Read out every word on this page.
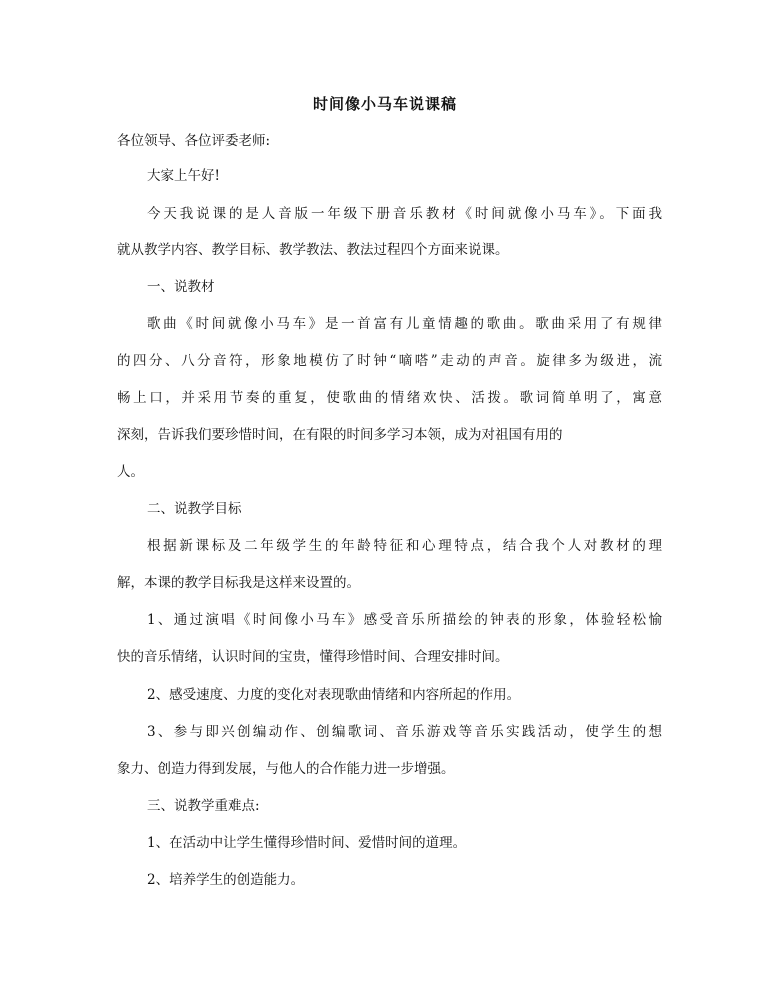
时间像小马车说课稿
各位领导、各位评委老师:
大家上午好!
今天我说课的是人音版一年级下册音乐教材《时间就像小马车》。下面我
就从教学内容、教学目标、教学教法、教法过程四个方面来说课。
一、说教材
歌曲《时间就像小马车》是一首富有儿童情趣的歌曲。歌曲采用了有规律
的四分、八分音符，形象地模仿了时钟“嘀嗒”走动的声音。旋律多为级进，流
畅上口，并采用节奏的重复，使歌曲的情绪欢快、活拨。歌词简单明了，寓意
深刻，告诉我们要珍惜时间，在有限的时间多学习本领，成为对祖国有用的
人。
二、说教学目标
根据新课标及二年级学生的年龄特征和心理特点，结合我个人对教材的理
解，本课的教学目标我是这样来设置的。
1、通过演唱《时间像小马车》感受音乐所描绘的钟表的形象，体验轻松愉
快的音乐情绪，认识时间的宝贵，懂得珍惜时间、合理安排时间。
2、感受速度、力度的变化对表现歌曲情绪和内容所起的作用。
3、参与即兴创编动作、创编歌词、音乐游戏等音乐实践活动，使学生的想
象力、创造力得到发展，与他人的合作能力进一步增强。
三、说教学重难点:
1、在活动中让学生懂得珍惜时间、爱惜时间的道理。
2、培养学生的创造能力。
